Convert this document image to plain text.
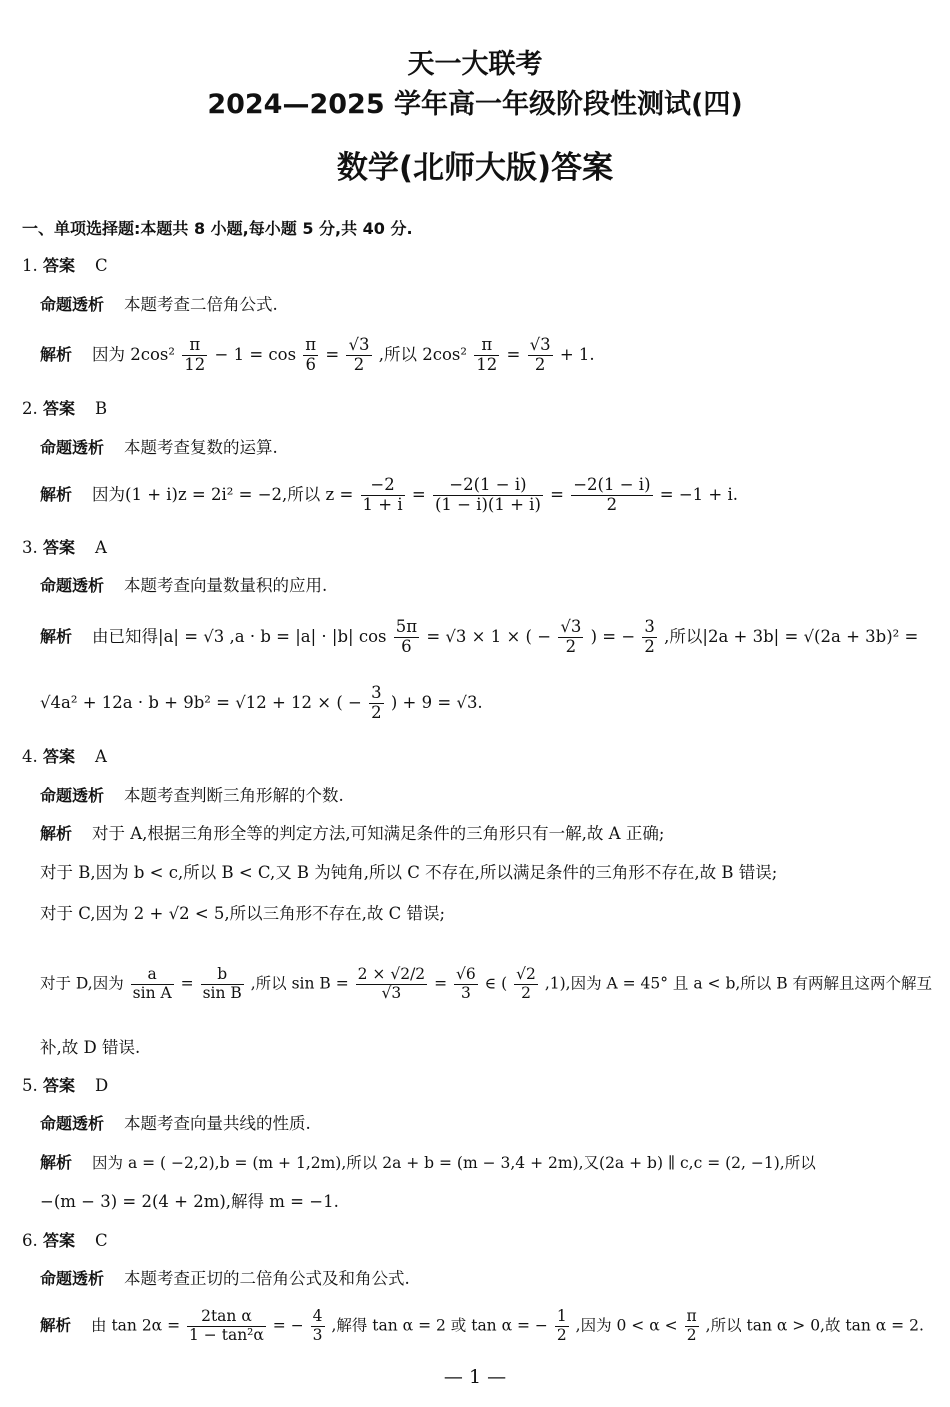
天一大联考
2024—2025 学年高一年级阶段性测试(四)
数学(北师大版)答案
一、单项选择题:本题共 8 小题,每小题 5 分,共 40 分.
1. 答案 C
命题透析 本题考查二倍角公式.
解析 因为 $2\cos^2 \frac{\pi}{12} - 1 = \cos \frac{\pi}{6} = \frac{√3}{2}$ ,所以 $2\cos^2 \frac{\pi}{12} = \frac{√3}{2} + 1$.
2. 答案 B
命题透析 本题考查复数的运算.
解析 因为(1 + i)z = 2i² = −2,所以 $z = \frac{-2}{1 + i} = \frac{-2(1 - i)}{(1 - i)(1 + i)} = \frac{-2(1 - i)}{2} = -1 + i$.
3. 答案 A
命题透析 本题考查向量数量积的应用.
解析 由已知得|a| = √3 ,a · b = |a| · |b| $\cos \frac{5\pi}{6} = √3 \times 1$ × ( − $\frac{√3}{2}$ ) = − $\frac{3}{2}$ ,所以|2a + 3b| = √(2a + 3b)² =
√4a² + 12a · b + 9b² = √12 + 12 × ( − $\frac{3}{2}$ ) + 9 = √3.
4. 答案 A
命题透析 本题考查判断三角形解的个数.
解析 对于 A,根据三角形全等的判定方法,可知满足条件的三角形只有一解,故 A 正确;
对于 B,因为 b < c,所以 B < C,又 B 为钝角,所以 C 不存在,所以满足条件的三角形不存在,故 B 错误;
对于 C,因为 2 + √2 < 5,所以三角形不存在,故 C 错误;
对于 D,因为 $\frac{a}{\text{sin A}} = \frac{b}{\text{sin B}}$ ,所以 $\sin B = \frac{2 \times √2/2}{√3} = \frac{√6}{3}$ ∈ ( $\frac{√2}{2} ,1$),因为 A = 45° 且 a < b,所以 B 有两解且这两个解互
补,故 D 错误.
5. 答案 D
命题透析 本题考查向量共线的性质.
解析 因为 a = ( −2,2),b = (m + 1,2m),所以 2a + b = (m − 3,4 + 2m),又(2a + b) ∥ c,c = (2, −1),所以
−(m − 3) = 2(4 + 2m),解得 m = −1.
6. 答案 C
命题透析 本题考查正切的二倍角公式及和角公式.
解析 由 $\tan 2\alpha = \frac{\text{2tan α}}{\text{1 − tan²α}}$ = − $\frac{4}{3}$ ,解得 tan α = 2 或 tan α = − $\frac{1}{2}$ ,因为 $0 < \alpha < \frac{\pi}{2}$ ,所以 tan α > 0,故 tan α = 2.
— 1 —
